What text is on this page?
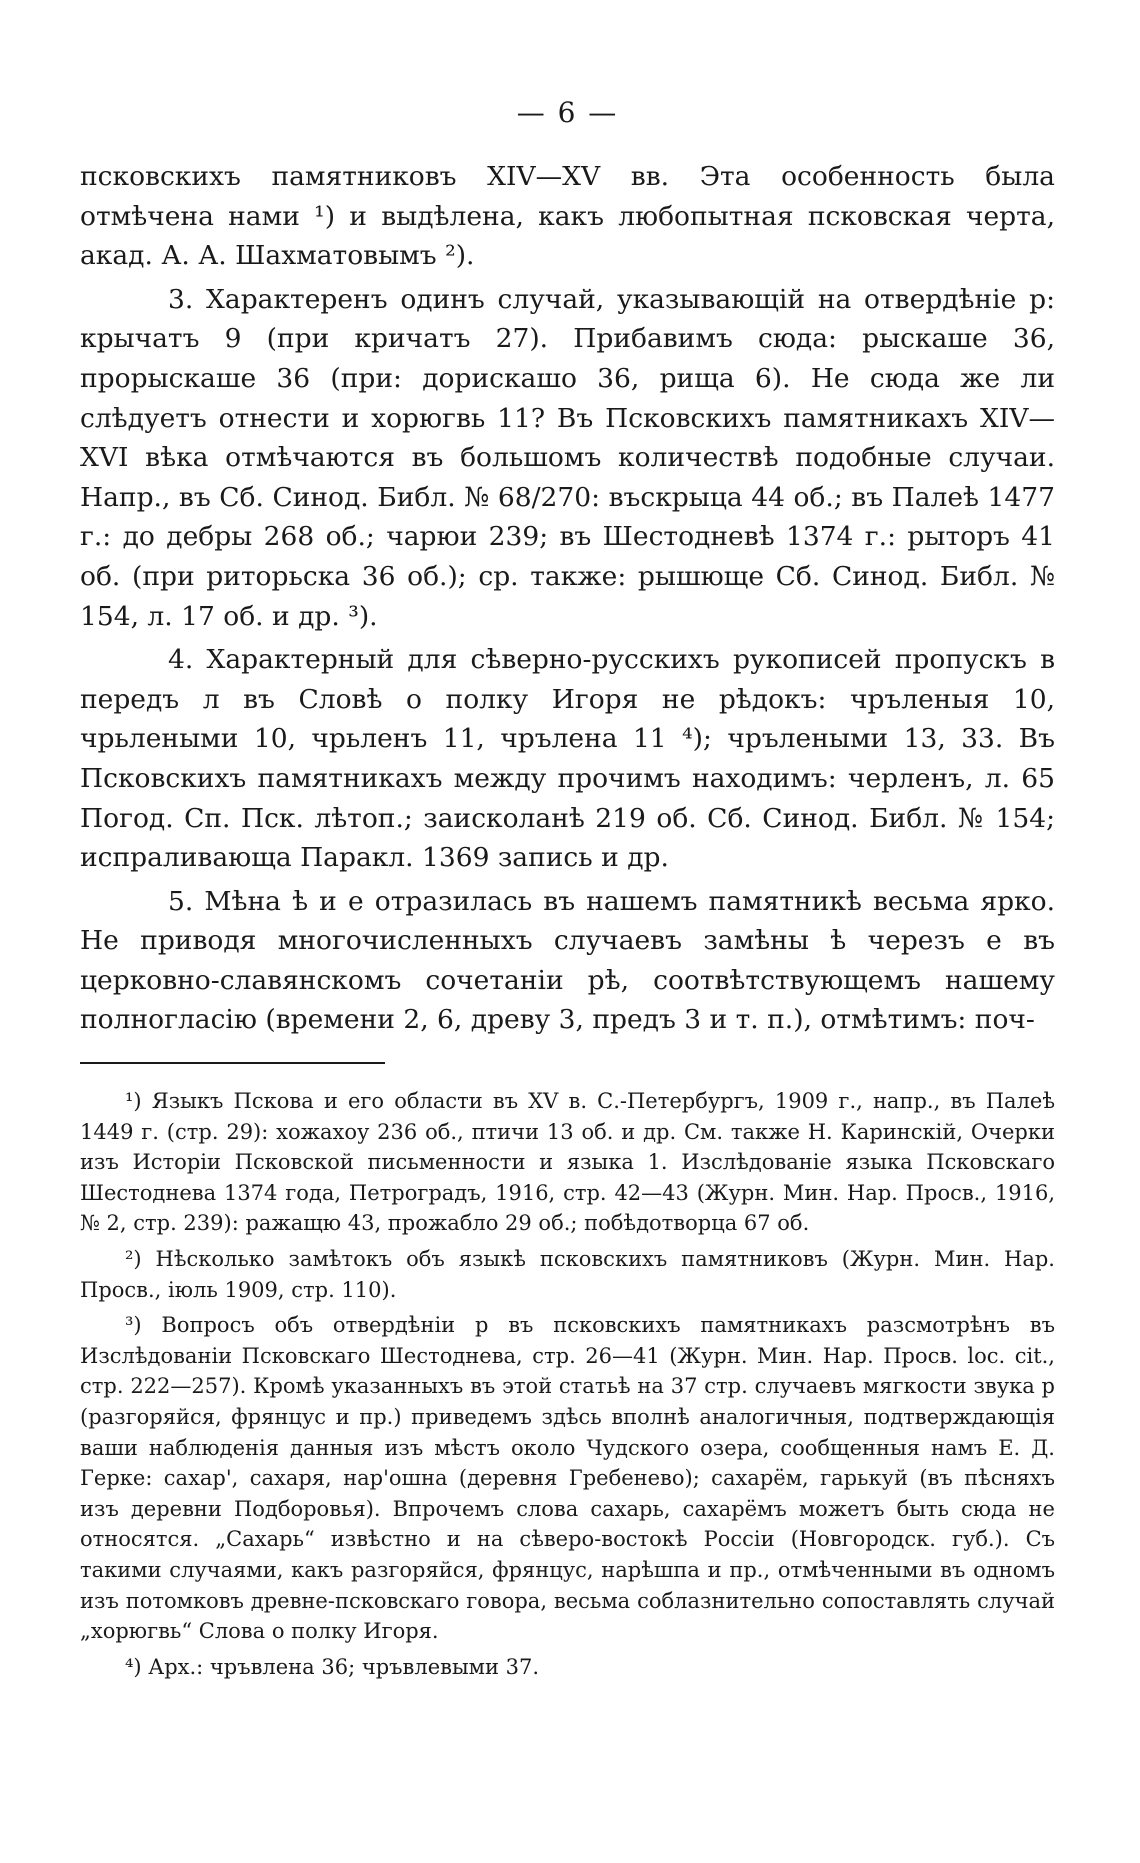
— 6 —

псковскихъ памятниковъ XIV—XV вв. Эта особенность была отмѣчена нами ¹) и выдѣлена, какъ любопытная псковская черта, акад. А. А. Шахматовымъ ²).

3. Характеренъ одинъ случай, указывающій на отвердѣніе р: крычатъ 9 (при кричатъ 27). Прибавимъ сюда: рыскаше 36, прорыскаше 36 (при: дорискашо 36, рища 6). Не сюда же ли слѣдуетъ отнести и хорюгвь 11? Въ Псковскихъ памятникахъ XIV—XVI вѣка отмѣчаются въ большомъ количествѣ подобные случаи. Напр., въ Сб. Синод. Библ. № 68/270: въскрыца 44 об.; въ Палеѣ 1477 г.: до дебры 268 об.; чарюи 239; въ Шестодневѣ 1374 г.: рыторъ 41 об. (при риторьска 36 об.); ср. также: рышюще Сб. Синод. Библ. № 154, л. 17 об. и др. ³).

4. Характерный для сѣверно-русскихъ рукописей пропускъ в передъ л въ Словѣ о полку Игоря не рѣдокъ: чръленыя 10, чрьлеными 10, чрьленъ 11, чрълена 11 ⁴); чрълеными 13, 33. Въ Псковскихъ памятникахъ между прочимъ находимъ: черленъ, л. 65 Погод. Сп. Пск. лѣтоп.; заисколанѣ 219 об. Сб. Синод. Библ. № 154; испраливающа Паракл. 1369 запись и др.

5. Мѣна ѣ и е отразилась въ нашемъ памятникѣ весьма ярко. Не приводя многочисленныхъ случаевъ замѣны ѣ черезъ е въ церковно-славянскомъ сочетаніи рѣ, соотвѣтствующемъ нашему полногласію (времени 2, 6, древу 3, предъ 3 и т. п.), отмѣтимъ: поч-

¹) Языкъ Пскова и его области въ XV в. С.-Петербургъ, 1909 г., напр., въ Палеѣ 1449 г. (стр. 29): хожахоу 236 об., птичи 13 об. и др. См. также Н. Каринскій, Очерки изъ Исторіи Псковской письменности и языка 1. Изслѣдованіе языка Псковскаго Шестоднева 1374 года, Петроградъ, 1916, стр. 42—43 (Журн. Мин. Нар. Просв., 1916, № 2, стр. 239): ражащю 43, прожабло 29 об.; побѣдотворца 67 об.

²) Нѣсколько замѣтокъ объ языкѣ псковскихъ памятниковъ (Журн. Мин. Нар. Просв., іюль 1909, стр. 110).

³) Вопросъ объ отвердѣніи р въ псковскихъ памятникахъ разсмотрѣнъ въ Изслѣдованіи Псковскаго Шестоднева, стр. 26—41 (Журн. Мин. Нар. Просв. loc. cit., стр. 222—257). Кромѣ указанныхъ въ этой статьѣ на 37 стр. случаевъ мягкости звука р (разгоряйся, фрянцус и пр.) приведемъ здѣсь вполнѣ аналогичныя, подтверждающія ваши наблюденія данныя изъ мѣстъ около Чудского озера, сообщенныя намъ Е. Д. Герке: сахар', сахаря, нар'ошна (деревня Гребенево); сахарём, гарькуй (въ пѣсняхъ изъ деревни Подборовья). Впрочемъ слова сахарь, сахарёмъ можетъ быть сюда не относятся. „Сахарь“ извѣстно и на сѣверо-востокѣ Россіи (Новгородск. губ.). Съ такими случаями, какъ разгоряйся, фрянцус, нарѣшпа и пр., отмѣченными въ одномъ изъ потомковъ древне-псковскаго говора, весьма соблазнительно сопоставлять случай „хорюгвь“ Слова о полку Игоря.

⁴) Арх.: чръвлена 36; чръвлевыми 37.
